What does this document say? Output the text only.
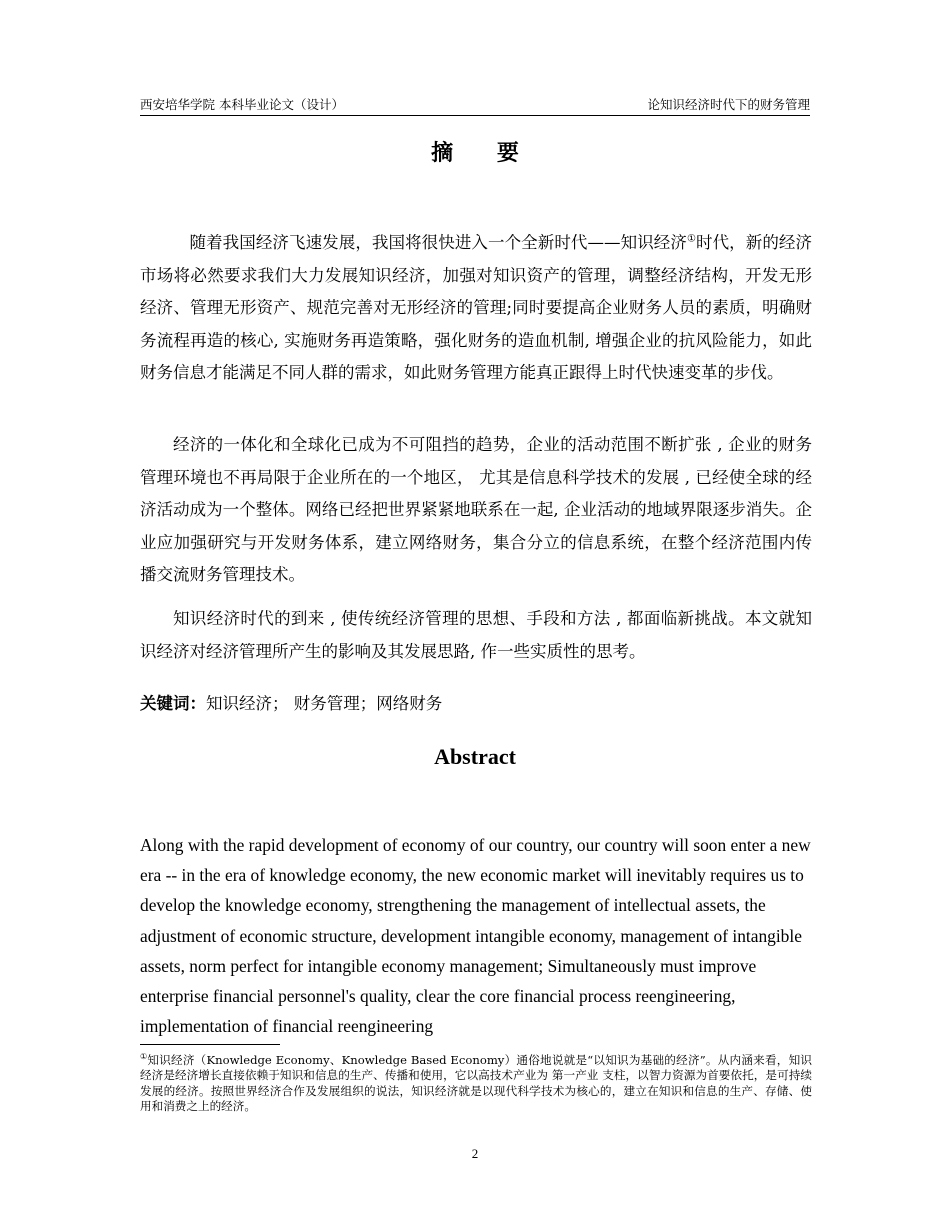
西安培华学院 本科毕业论文（设计）	论知识经济时代下的财务管理
摘 要

随着我国经济飞速发展，我国将很快进入一个全新时代——知识经济①时代，新的经济市场将必然要求我们大力发展知识经济，加强对知识资产的管理，调整经济结构，开发无形经济、管理无形资产、规范完善对无形经济的管理;同时要提高企业财务人员的素质，明确财务流程再造的核心, 实施财务再造策略，强化财务的造血机制, 增强企业的抗风险能力，如此财务信息才能满足不同人群的需求，如此财务管理方能真正跟得上时代快速变革的步伐。

经济的一体化和全球化已成为不可阻挡的趋势，企业的活动范围不断扩张 , 企业的财务管理环境也不再局限于企业所在的一个地区， 尤其是信息科学技术的发展 , 已经使全球的经济活动成为一个整体。网络已经把世界紧紧地联系在一起, 企业活动的地域界限逐步消失。企业应加强研究与开发财务体系，建立网络财务，集合分立的信息系统，在整个经济范围内传播交流财务管理技术。

知识经济时代的到来 , 使传统经济管理的思想、手段和方法 , 都面临新挑战。本文就知识经济对经济管理所产生的影响及其发展思路, 作一些实质性的思考。

关键词：知识经济； 财务管理；网络财务
Abstract

Along with the rapid development of economy of our country, our country will soon enter a new era -- in the era of knowledge economy, the new economic market will inevitably requires us to develop the knowledge economy, strengthening the management of intellectual assets, the adjustment of economic structure, development intangible economy, management of intangible assets, norm perfect for intangible economy management; Simultaneously must improve enterprise financial personnel's quality, clear the core financial process reengineering, implementation of financial reengineering

①知识经济（Knowledge Economy、Knowledge Based Economy）通俗地说就是“以知识为基础的经济”。从内涵来看，知识经济是经济增长直接依赖于知识和信息的生产、传播和使用，它以高技术产业为 第一产业 支柱，以智力资源为首要依托，是可持续发展的经济。按照世界经济合作及发展组织的说法，知识经济就是以现代科学技术为核心的，建立在知识和信息的生产、存储、使用和消费之上的经济。

2
